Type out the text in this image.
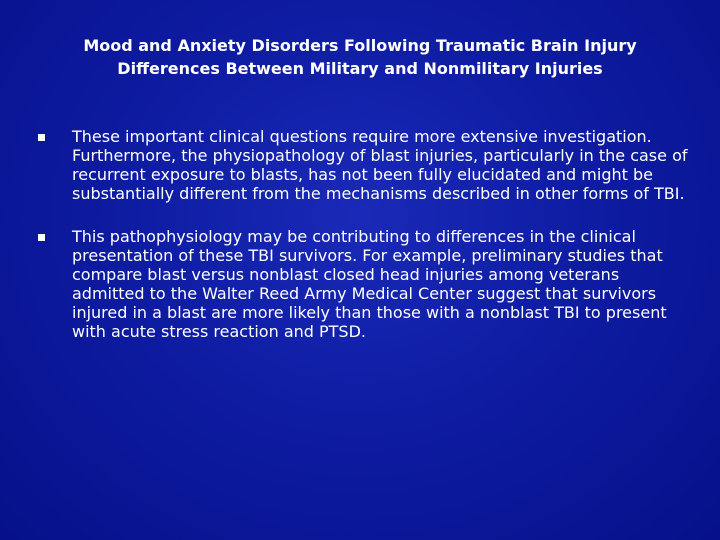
Mood and Anxiety Disorders Following Traumatic Brain Injury
Differences Between Military and Nonmilitary Injuries
These important clinical questions require more extensive investigation. Furthermore, the physiopathology of blast injuries, particularly in the case of recurrent exposure to blasts, has not been fully elucidated and might be substantially different from the mechanisms described in other forms of TBI.
This pathophysiology may be contributing to differences in the clinical presentation of these TBI survivors. For example, preliminary studies that compare blast versus nonblast closed head injuries among veterans admitted to the Walter Reed Army Medical Center suggest that survivors injured in a blast are more likely than those with a nonblast TBI to present with acute stress reaction and PTSD.
